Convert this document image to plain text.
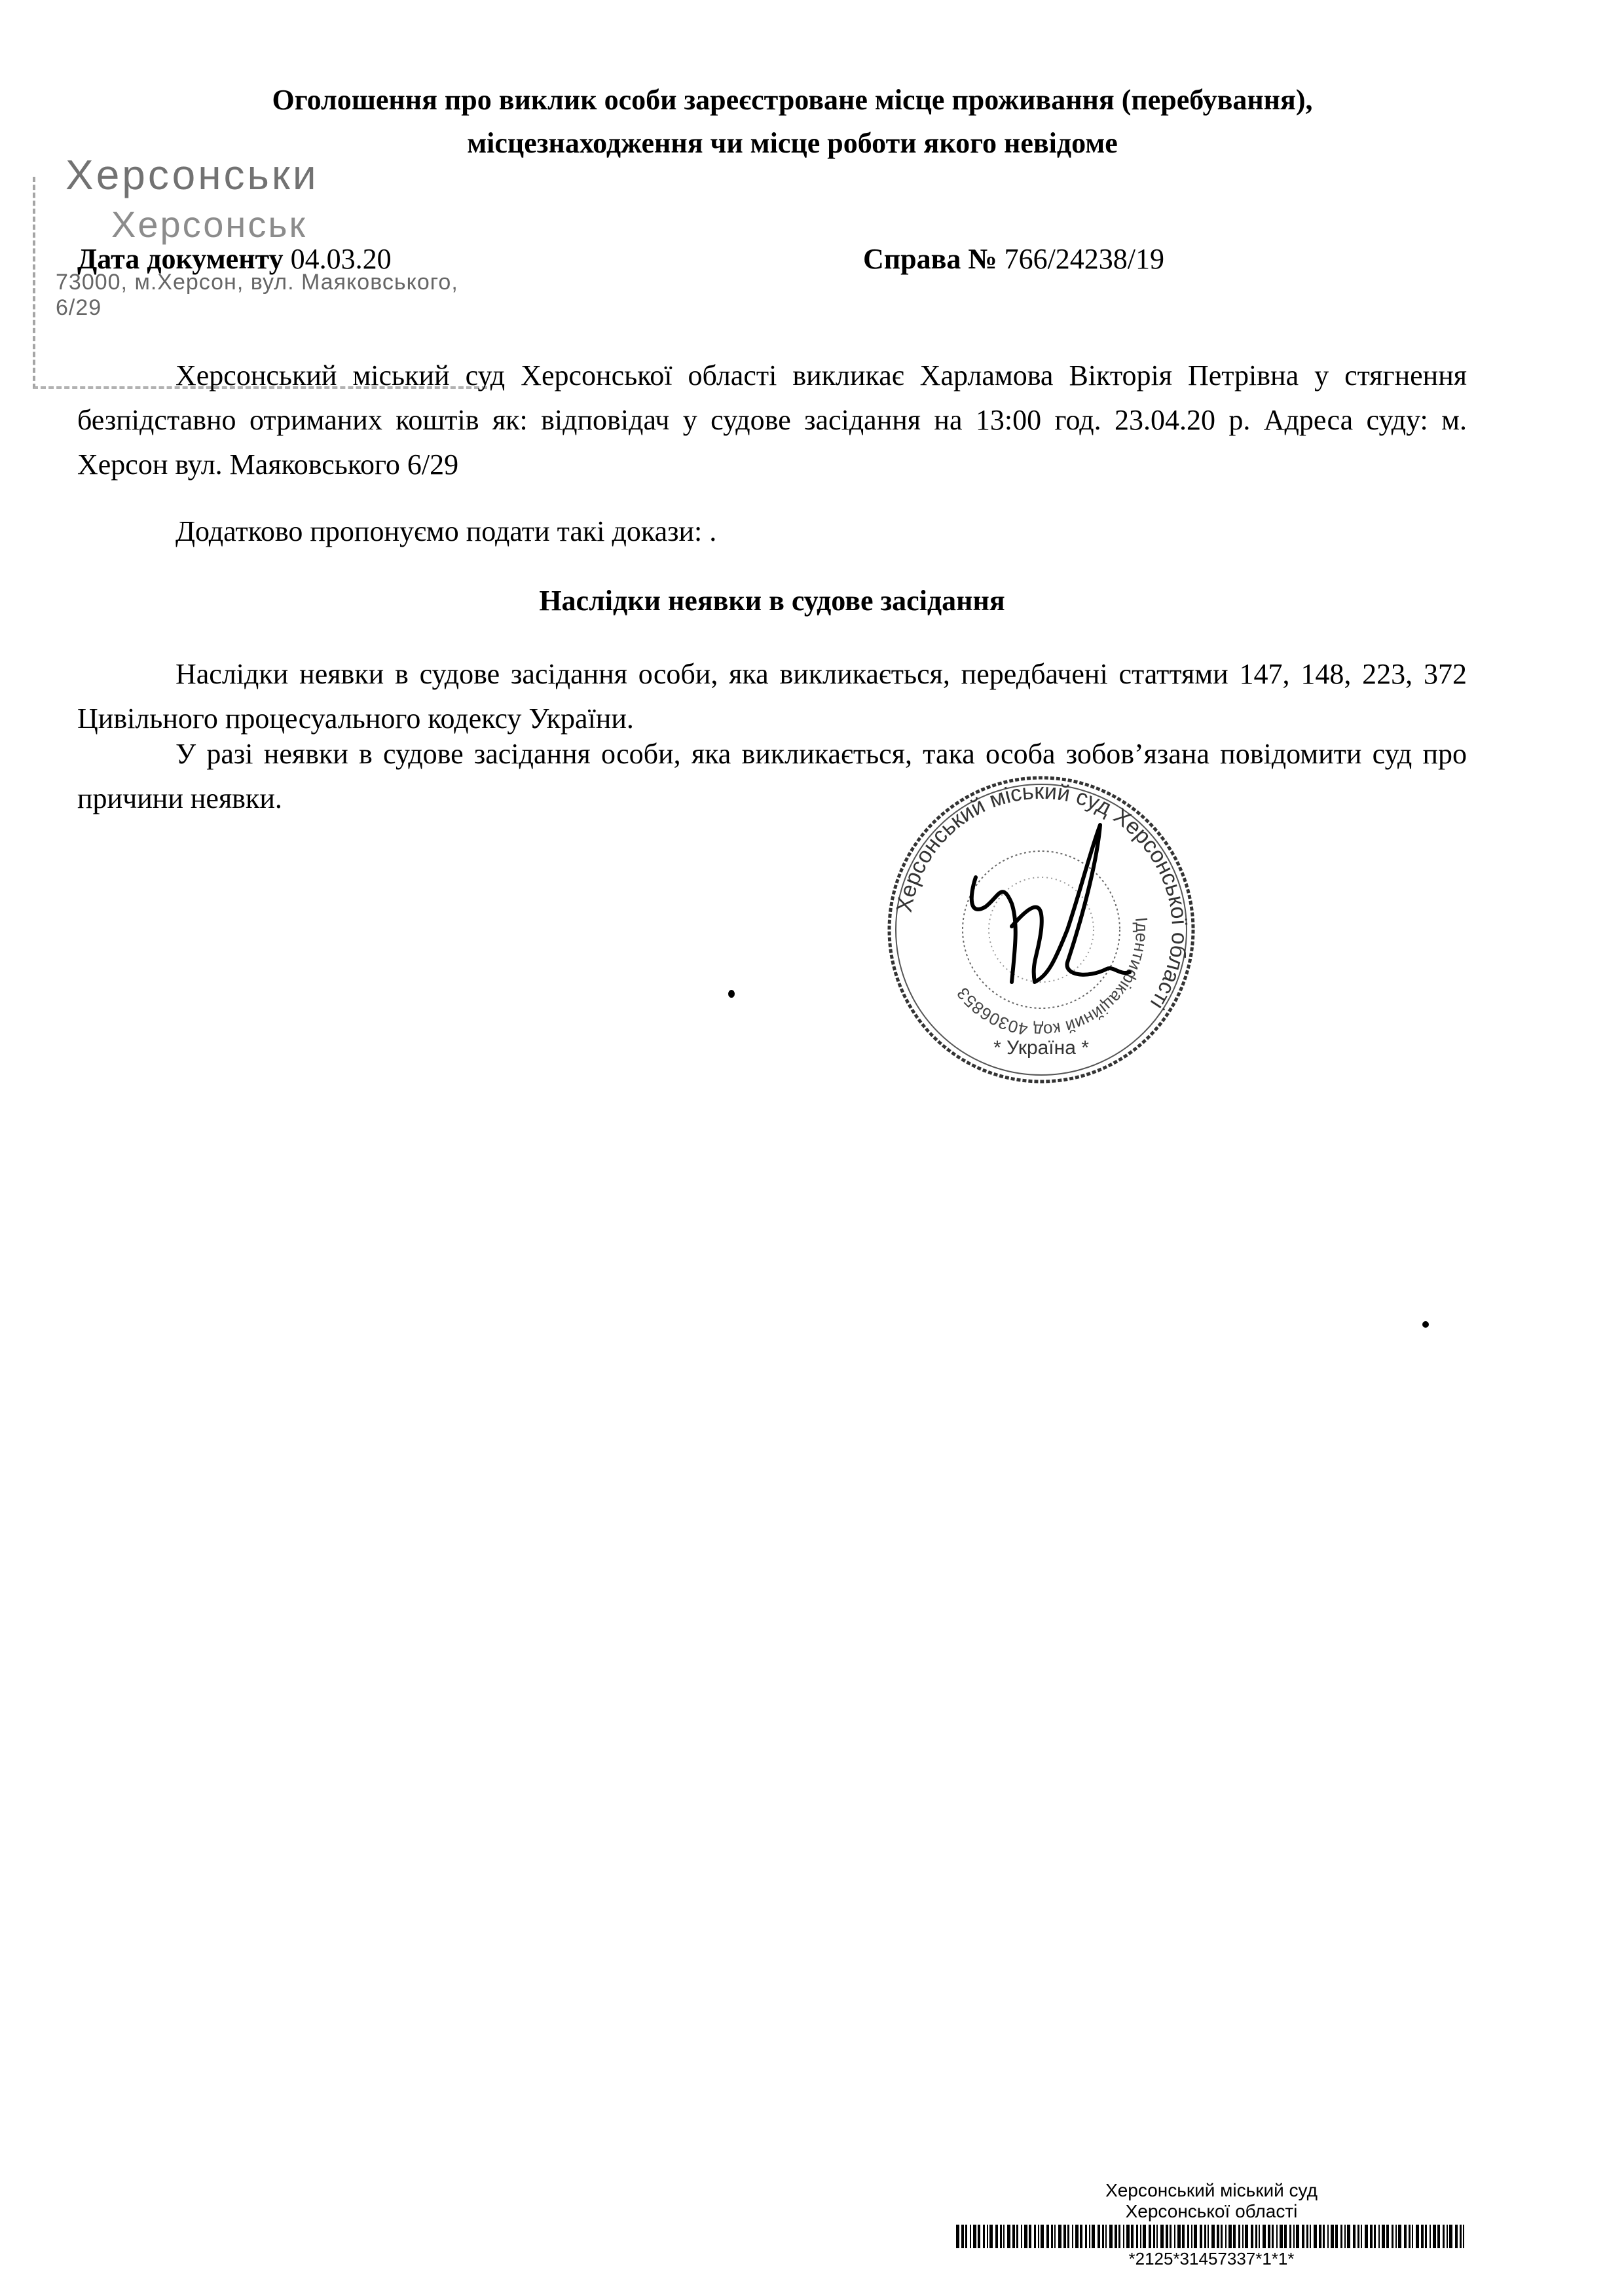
Оголошення про виклик особи зареєстроване місце проживання (перебування),
місцезнаходження чи місце роботи якого невідоме
Херсонськи
Херсонськ
73000, м.Херсон, вул. Маяковського, 6/29
Дата документу 04.03.20	Справа № 766/24238/19
Херсонський міський суд Херсонської області викликає Харламова Вікторія Петрівна у стягнення безпідставно отриманих коштів як: відповідач у судове засідання на 13:00 год. 23.04.20 р. Адреса суду: м. Херсон вул. Маяковського 6/29
Додатково пропонуємо подати такі докази: .
Наслідки неявки в судове засідання
Наслідки неявки в судове засідання особи, яка викликається, передбачені статтями 147, 148, 223, 372 Цивільного процесуального кодексу України.
У разі неявки в судове засідання особи, яка викликається, така особа зобов’язана повідомити суд про причини неявки.
Херсонський міський суд Херсонської області
Ідентифікаційний код 40306853
* Україна *
Херсонський міський суд
Херсонської області
*2125*31457337*1*1*
